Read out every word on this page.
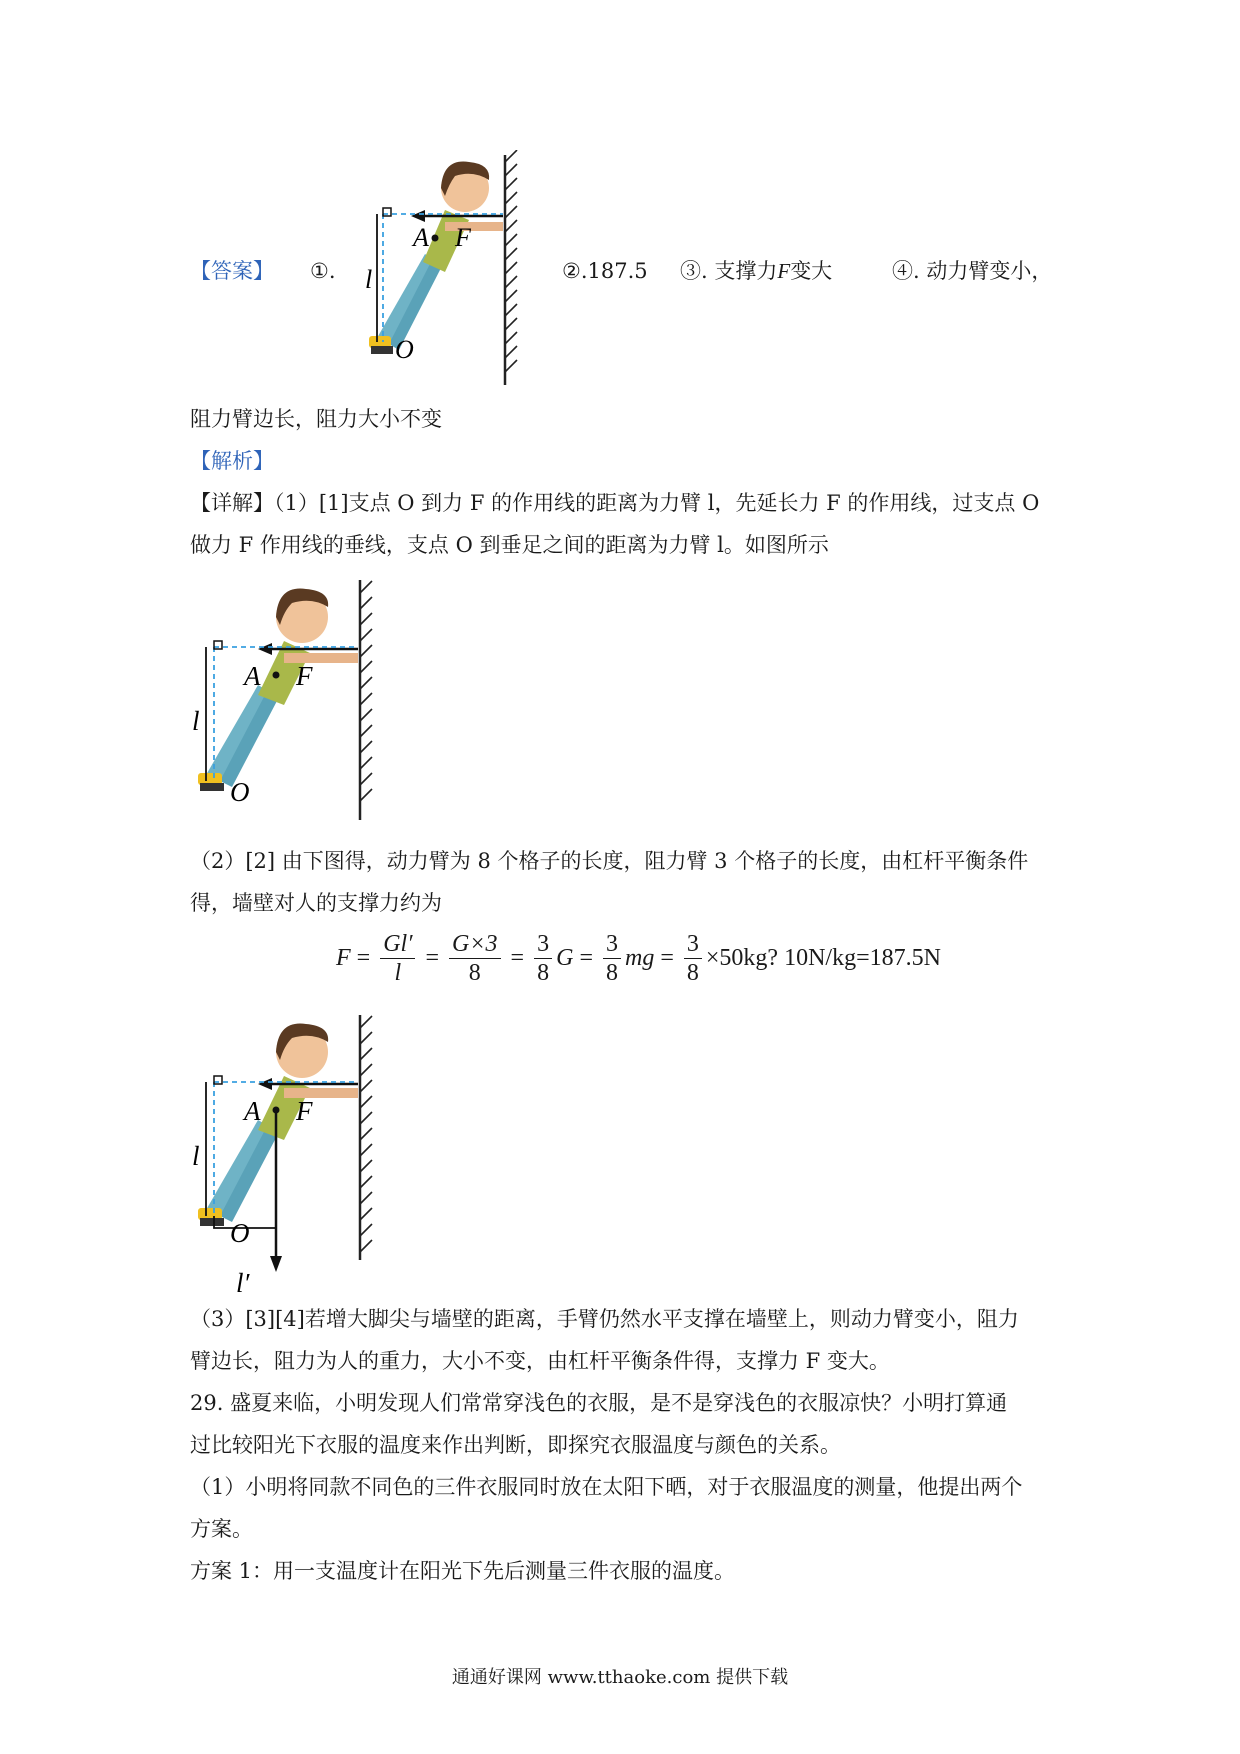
【答案】 ①.
A F
l
O
②.187.5 ③. 支撑力F变大	④. 动力臂变小，
阻力臂边长，阻力大小不变
【解析】
【详解】（1）[1]支点 O 到力 F 的作用线的距离为力臂 l，先延长力 F 的作用线，过支点 O
做力 F 作用线的垂线，支点 O 到垂足之间的距离为力臂 l。如图所示
A F
l
O
（2）[2] 由下图得，动力臂为 8 个格子的长度，阻力臂 3 个格子的长度，由杠杆平衡条件
得，墙壁对人的支撑力约为
$F = \frac{Gl'}{l} = \frac{G\times 3}{8} = \frac{3}{8}$ $G = \frac{3}{8}$ mg = $\frac{3}{8} \times 50kg$? 10N/kg=187.5N
A F
l
O
l′
（3）[3][4]若增大脚尖与墙壁的距离，手臂仍然水平支撑在墙壁上，则动力臂变小，阻力
臂边长，阻力为人的重力，大小不变，由杠杆平衡条件得，支撑力 F 变大。
29. 盛夏来临，小明发现人们常常穿浅色的衣服，是不是穿浅色的衣服凉快？小明打算通
过比较阳光下衣服的温度来作出判断，即探究衣服温度与颜色的关系。
（1）小明将同款不同色的三件衣服同时放在太阳下晒，对于衣服温度的测量，他提出两个
方案。
方案 1：用一支温度计在阳光下先后测量三件衣服的温度。
通通好课网 www.tthaoke.com 提供下载
